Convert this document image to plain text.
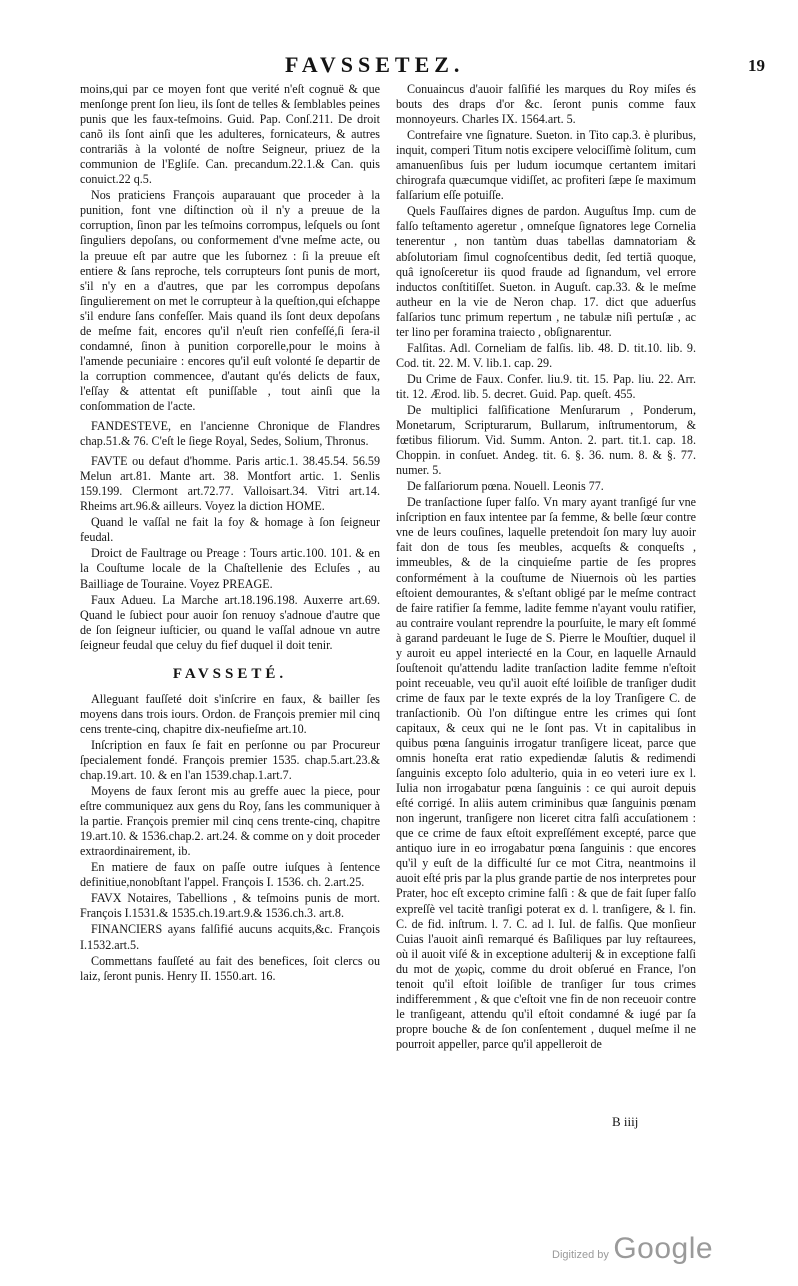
FAVSSETEZ.	19

moins,qui par ce moyen font que verité n'eſt cognuë & que menſonge prent ſon lieu, ils ſont de telles & ſemblables peines punis que les faux-teſmoins. Guid. Pap. Conſ.211. De droit canõ ils ſont ainſi que les adulteres, fornicateurs, & autres contrariãs à la volonté de noſtre Seigneur, priuez de la communion de l'Egliſe. Can. precandum.22.1.& Can. quis conuict.22 q.5.

Nos praticiens François auparauant que proceder à la punition, font vne diſtinction où il n'y a preuue de la corruption, ſinon par les teſmoins corrompus, leſquels ou ſont ſinguliers depoſans, ou conformement d'vne meſme acte, ou la preuue eſt par autre que les ſubornez : ſi la preuue eſt entiere & ſans reproche, tels corrupteurs ſont punis de mort, s'il n'y en a d'autres, que par les corrompus depoſans ſingulierement on met le corrupteur à la queſtion,qui eſchappe s'il endure ſans confeſſer. Mais quand ils ſont deux depoſans de meſme fait, encores qu'il n'euſt rien confeſſé,ſi ſera-il condamné, ſinon à punition corporelle,pour le moins à l'amende pecuniaire : encores qu'il euſt volonté ſe departir de la corruption commencee, d'autant qu'és delicts de faux, l'eſſay & attentat eſt puniſſable , tout ainſi que la conſommation de l'acte.

FANDESTEVE, en l'ancienne Chronique de Flandres chap.51.& 76. C'eſt le ſiege Royal, Sedes, Solium, Thronus.

FAVTE ou defaut d'homme. Paris artic.1. 38.45.54. 56.59 Melun art.81. Mante art. 38. Montfort artic. 1. Senlis 159.199. Clermont art.72.77. Valloisart.34. Vitri art.14. Rheims art.96.& ailleurs. Voyez la diction HOME.

Quand le vaſſal ne fait la foy & homage à ſon ſeigneur feudal.

Droict de Faultrage ou Preage : Tours artic.100. 101. & en la Couſtume locale de la Chaſtellenie des Ecluſes , au Bailliage de Touraine. Voyez PREAGE.

Faux Adueu. La Marche art.18.196.198. Auxerre art.69. Quand le ſubiect pour auoir ſon renuoy s'adnoue d'autre que de ſon ſeigneur iuſticier, ou quand le vaſſal adnoue vn autre ſeigneur feudal que celuy du fief duquel il doit tenir.

FAVSSETÉ.

Alleguant fauſſeté doit s'inſcrire en faux, & bailler ſes moyens dans trois iours. Ordon. de François premier mil cinq cens trente-cinq, chapitre dix-neufieſme art.10.

Inſcription en faux ſe fait en perſonne ou par Procureur ſpecialement fondé. François premier 1535. chap.5.art.23.& chap.19.art. 10. & en l'an 1539.chap.1.art.7.

Moyens de faux ſeront mis au greffe auec la piece, pour eſtre communiquez aux gens du Roy, ſans les communiquer à la partie. François premier mil cinq cens trente-cinq, chapitre 19.art.10. & 1536.chap.2. art.24. & comme on y doit proceder extraordinairement, ib.

En matiere de faux on paſſe outre iuſques à ſentence definitiue,nonobſtant l'appel. François I. 1536. ch. 2.art.25.

FAVX Notaires, Tabellions , & teſmoins punis de mort. François I.1531.& 1535.ch.19.art.9.& 1536.ch.3. art.8.

FINANCIERS ayans falſifié aucuns acquits,&c. François I.1532.art.5.

Commettans fauſſeté au fait des benefices, ſoit clercs ou laiz, ſeront punis. Henry II. 1550.art. 16.

Conuaincus d'auoir falſifié les marques du Roy miſes és bouts des draps d'or &c. ſeront punis comme faux monnoyeurs. Charles IX. 1564.art. 5.

Contrefaire vne ſignature. Sueton. in Tito cap.3. è pluribus, inquit, comperi Titum notis excipere velociſſimè ſolitum, cum amanuenſibus ſuis per ludum iocumque certantem imitari chirografa quæcumque vidiſſet, ac profiteri ſæpe ſe maximum falſarium eſſe potuiſſe.

Quels Fauſſaires dignes de pardon. Auguſtus Imp. cum de falſo teſtamento ageretur , omneſque ſignatores lege Cornelia tenerentur , non tantùm duas tabellas damnatoriam & abſolutoriam ſimul cognoſcentibus dedit, ſed tertiã quoque, quâ ignoſceretur iis quod fraude ad ſignandum, vel errore inductos conſtitiſſet. Sueton. in Auguſt. cap.33. & le meſme autheur en la vie de Neron chap. 17. dict que aduerſus falſarios tunc primum repertum , ne tabulæ niſi pertuſæ , ac ter lino per foramina traiecto , obſignarentur.

Falſitas. Adl. Corneliam de falſis. lib. 48. D. tit.10. lib. 9. Cod. tit. 22. M. V. lib.1. cap. 29.

Du Crime de Faux. Confer. liu.9. tit. 15. Pap. liu. 22. Arr. tit. 12. Ærod. lib. 5. decret. Guid. Pap. queſt. 455.

De multiplici falſificatione Menſurarum , Ponderum, Monetarum, Scripturarum, Bullarum, inſtrumentorum, & fœtibus filiorum. Vid. Summ. Anton. 2. part. tit.1. cap. 18. Choppin. in conſuet. Andeg. tit. 6. §. 36. num. 8. & §. 77. numer. 5.

De falſariorum pœna. Nouell. Leonis 77.

De tranſactione ſuper falſo. Vn mary ayant tranſigé ſur vne inſcription en faux intentee par ſa femme, & belle ſœur contre vne de leurs couſines, laquelle pretendoit ſon mary luy auoir fait don de tous ſes meubles, acqueſts & conqueſts , immeubles, & de la cinquieſme partie de ſes propres conformément à la couſtume de Niuernois où les parties eſtoient demourantes, & s'eſtant obligé par le meſme contract de faire ratifier ſa femme, ladite femme n'ayant voulu ratifier, au contraire voulant reprendre la pourſuite, le mary eſt ſommé à garand pardeuant le Iuge de S. Pierre le Mouſtier, duquel il y auroit eu appel interiecté en la Cour, en laquelle Arnauld ſouſtenoit qu'attendu ladite tranſaction ladite femme n'eſtoit point receuable, veu qu'il auoit eſté loiſible de tranſiger dudit crime de faux par le texte exprés de la loy Tranſigere C. de tranſactionib. Où l'on diſtingue entre les crimes qui ſont capitaux, & ceux qui ne le ſont pas. Vt in capitalibus in quibus pœna ſanguinis irrogatur tranſigere liceat, parce que omnis honeſta erat ratio expediendæ ſalutis & redimendi ſanguinis excepto ſolo adulterio, quia in eo veteri iure ex l. Iulia non irrogabatur pœna ſanguinis : ce qui auroit depuis eſté corrigé. In aliis autem criminibus quæ ſanguinis pœnam non ingerunt, tranſigere non liceret citra falſi accuſationem : que ce crime de faux eſtoit expreſſément excepté, parce que antiquo iure in eo irrogabatur pœna ſanguinis : que encores qu'il y euſt de la difficulté ſur ce mot Citra, neantmoins il auoit eſté pris par la plus grande partie de nos interpretes pour Prater, hoc eſt excepto crimine falſi : & que de fait ſuper falſo expreſſè vel tacitè tranſigi poterat ex d. l. tranſigere, & l. fin. C. de fid. inſtrum. l. 7. C. ad l. Iul. de falſis. Que monſieur Cuias l'auoit ainſi remarqué és Baſiliques par luy reſtaurees, où il auoit viſé & in exceptione adulterij & in exceptione falſi du mot de χωρὶς, comme du droit obſerué en France, l'on tenoit qu'il eſtoit loiſible de tranſiger ſur tous crimes indifferemment , & que c'eſtoit vne fin de non receuoir contre le tranſigeant, attendu qu'il eſtoit condamné & iugé par ſa propre bouche & de ſon conſentement , duquel meſme il ne pourroit appeller, parce qu'il appelleroit de

B iiij
Digitized by Google
